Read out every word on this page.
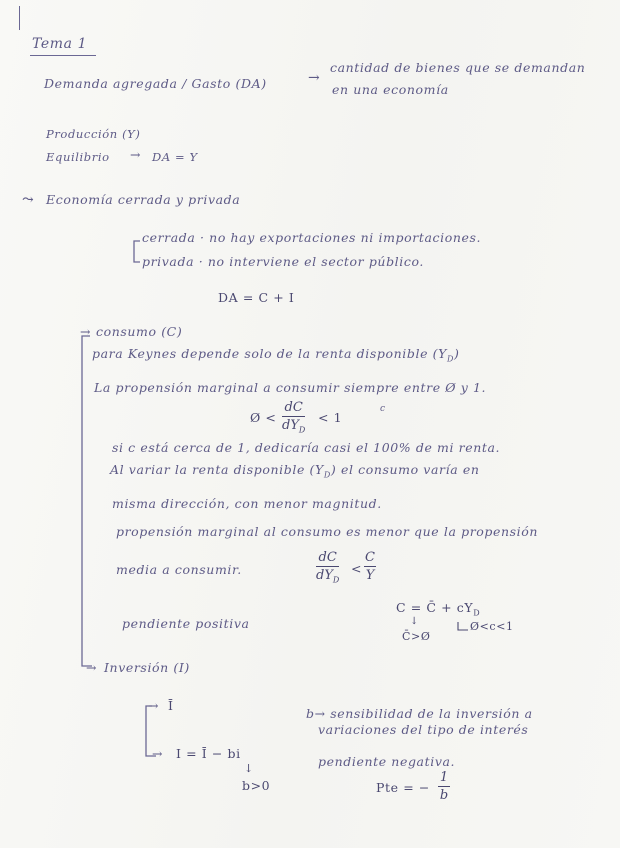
Tema 1
Demanda agregada / Gasto (DA)	→
cantidad de bienes que se demandan
en una economía
Producción (Y)
Equilibrio → DA = Y
⤳ Economía cerrada y privada
cerrada · no hay exportaciones ni importaciones.
privada · no interviene el sector público.
DA = C + I
→ consumo (C)
para Keynes depende solo de la renta disponible $(Y_D)$
La propensión marginal a consumir siempre entre Ø y 1.
Ø <
dC
$dY_D$
< 1
c
si c está cerca de 1, dedicaría casi el 100% de mi renta.
Al variar la renta disponible $(Y_D)$ el consumo varía en
misma dirección, con menor magnitud.
propensión marginal al consumo es menor que la propensión
media a consumir.
dC
$dY_D$
<
C
Y
pendiente positiva
C = C̄ + $cY_D$
↓
C̄>Ø
Ø<c<1
→ Inversión (I)
→ Ī
→ I = Ī − bi
↓
b>0
b→ sensibilidad de la inversión a
variaciones del tipo de interés
pendiente negativa.
Pte = −
1
b
